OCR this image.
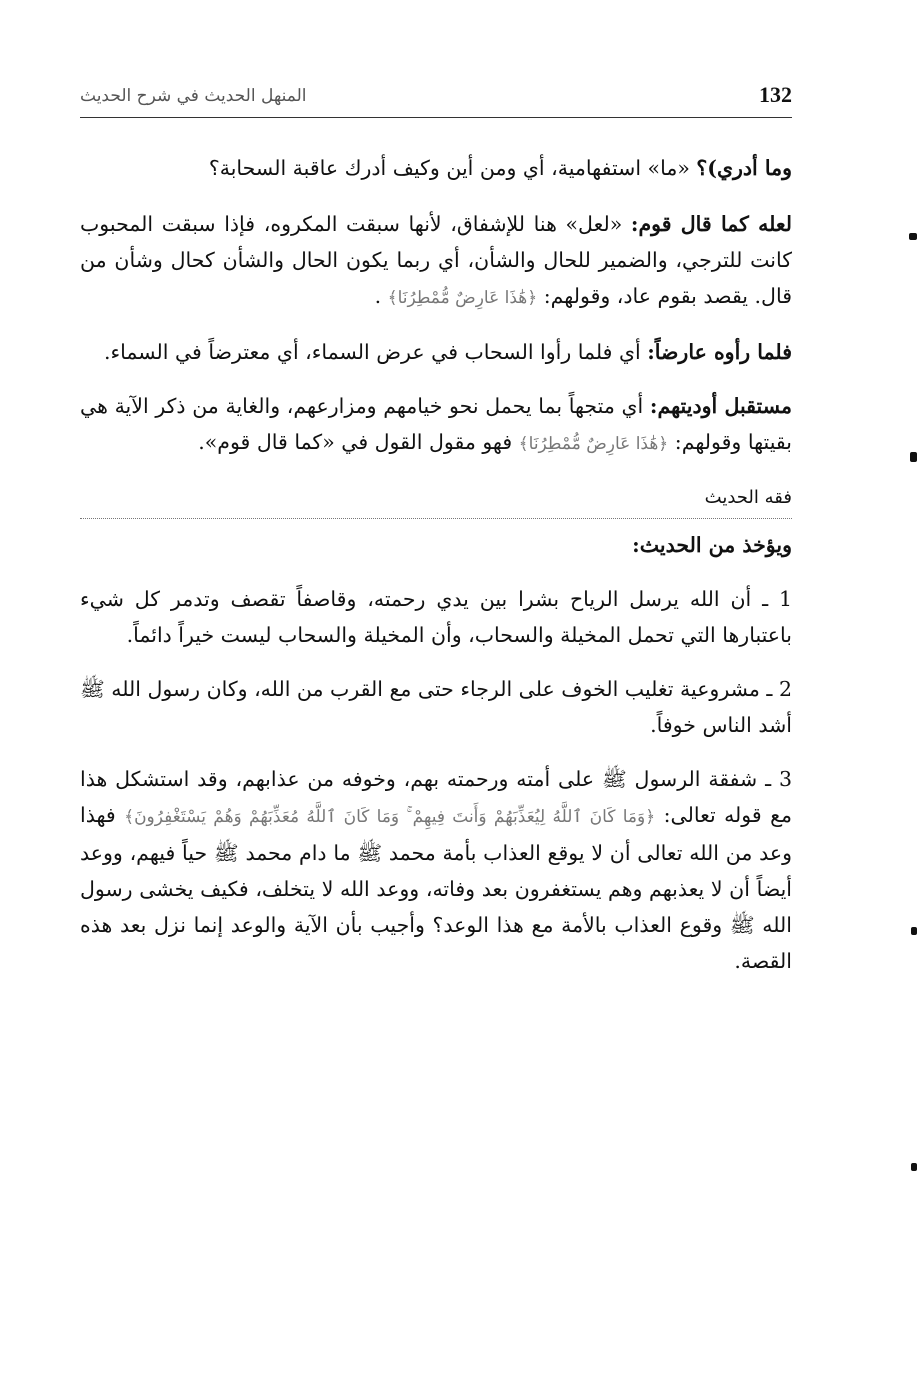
المنهل الحديث في شرح الحديث	132

وما أدري)؟ «ما» استفهامية، أي ومن أين وكيف أدرك عاقبة السحابة؟

لعله كما قال قوم: «لعل» هنا للإشفاق، لأنها سبقت المكروه، فإذا سبقت المحبوب كانت للترجي، والضمير للحال والشأن، أي ربما يكون الحال والشأن كحال وشأن من قال. يقصد بقوم عاد، وقولهم: ﴿هَٰذَا عَارِضٌ مُّمْطِرُنَا﴾ .

فلما رأوه عارضاً: أي فلما رأوا السحاب في عرض السماء، أي معترضاً في السماء.

مستقبل أوديتهم: أي متجهاً بما يحمل نحو خيامهم ومزارعهم، والغاية من ذكر الآية هي بقيتها وقولهم: ﴿هَٰذَا عَارِضٌ مُّمْطِرُنَا﴾ فهو مقول القول في «كما قال قوم».

فقه الحديث

ويؤخذ من الحديث:

1 ـ أن الله يرسل الرياح بشرا بين يدي رحمته، وقاصفاً تقصف وتدمر كل شيء باعتبارها التي تحمل المخيلة والسحاب، وأن المخيلة والسحاب ليست خيراً دائماً.

2 ـ مشروعية تغليب الخوف على الرجاء حتى مع القرب من الله، وكان رسول الله ﷺ أشد الناس خوفاً.

3 ـ شفقة الرسول ﷺ على أمته ورحمته بهم، وخوفه من عذابهم، وقد استشكل هذا مع قوله تعالى: ﴿وَمَا كَانَ ٱللَّهُ لِيُعَذِّبَهُمْ وَأَنتَ فِيهِمْ ۚ وَمَا كَانَ ٱللَّهُ مُعَذِّبَهُمْ وَهُمْ يَسْتَغْفِرُونَ﴾ فهذا وعد من الله تعالى أن لا يوقع العذاب بأمة محمد ﷺ ما دام محمد ﷺ حياً فيهم، ووعد أيضاً أن لا يعذبهم وهم يستغفرون بعد وفاته، ووعد الله لا يتخلف، فكيف يخشى رسول الله ﷺ وقوع العذاب بالأمة مع هذا الوعد؟ وأجيب بأن الآية والوعد إنما نزل بعد هذه القصة.
